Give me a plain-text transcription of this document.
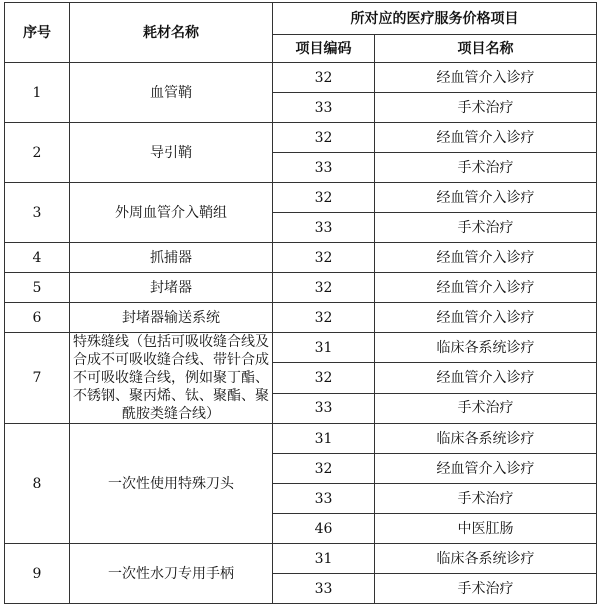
序号	耗材名称	所对应的医疗服务价格项目	
		项目编码	项目名称
1	血管鞘	32	经血管介入诊疗
		33	手术治疗
2	导引鞘	32	经血管介入诊疗
		33	手术治疗
3	外周血管介入鞘组	32	经血管介入诊疗
		33	手术治疗
4	抓捕器	32	经血管介入诊疗
5	封堵器	32	经血管介入诊疗
6	封堵器输送系统	32	经血管介入诊疗
7	特殊缝线（包括可吸收缝合线及合成不可吸收缝合线、带针合成不可吸收缝合线，例如聚丁酯、不锈钢、聚丙烯、钛、聚酯、聚酰胺类缝合线）	31	临床各系统诊疗
		32	经血管介入诊疗
		33	手术治疗
8	一次性使用特殊刀头	31	临床各系统诊疗
		32	经血管介入诊疗
		33	手术治疗
		46	中医肛肠
9	一次性水刀专用手柄	31	临床各系统诊疗
		33	手术治疗
